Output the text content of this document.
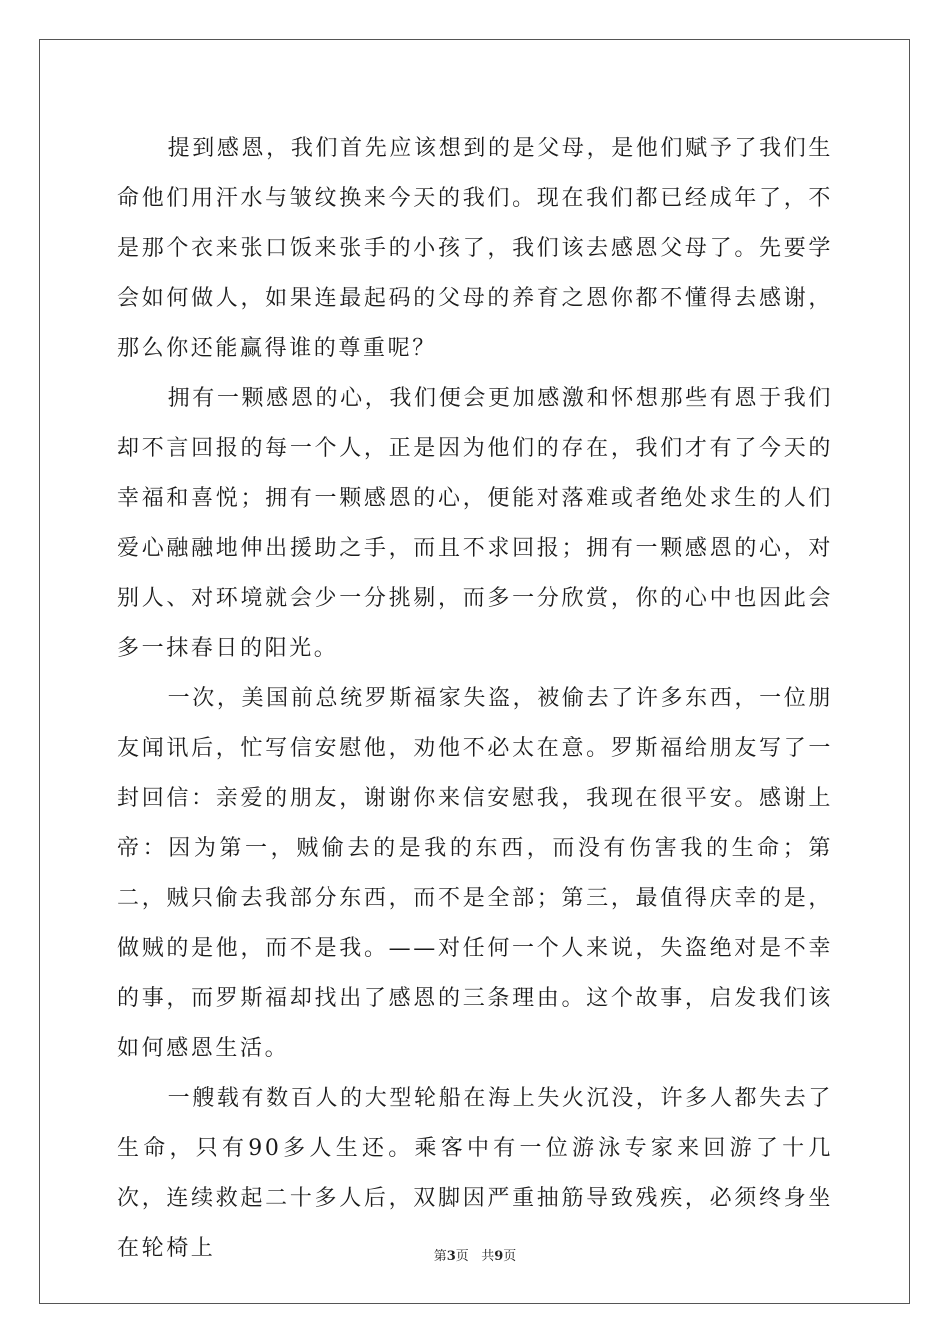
提到感恩，我们首先应该想到的是父母，是他们赋予了我们生命他们用汗水与皱纹换来今天的我们。现在我们都已经成年了，不是那个衣来张口饭来张手的小孩了，我们该去感恩父母了。先要学会如何做人，如果连最起码的父母的养育之恩你都不懂得去感谢，那么你还能赢得谁的尊重呢？

拥有一颗感恩的心，我们便会更加感激和怀想那些有恩于我们却不言回报的每一个人，正是因为他们的存在，我们才有了今天的幸福和喜悦；拥有一颗感恩的心，便能对落难或者绝处求生的人们爱心融融地伸出援助之手，而且不求回报；拥有一颗感恩的心，对别人、对环境就会少一分挑剔，而多一分欣赏，你的心中也因此会多一抹春日的阳光。

一次，美国前总统罗斯福家失盗，被偷去了许多东西，一位朋友闻讯后，忙写信安慰他，劝他不必太在意。罗斯福给朋友写了一封回信：亲爱的朋友，谢谢你来信安慰我，我现在很平安。感谢上帝：因为第一，贼偷去的是我的东西，而没有伤害我的生命；第二，贼只偷去我部分东西，而不是全部；第三，最值得庆幸的是，做贼的是他，而不是我。——对任何一个人来说，失盗绝对是不幸的事，而罗斯福却找出了感恩的三条理由。这个故事，启发我们该如何感恩生活。

一艘载有数百人的大型轮船在海上失火沉没，许多人都失去了生命，只有90多人生还。乘客中有一位游泳专家来回游了十几次，连续救起二十多人后，双脚因严重抽筋导致残疾，必须终身坐在轮椅上	第3页 共9页
